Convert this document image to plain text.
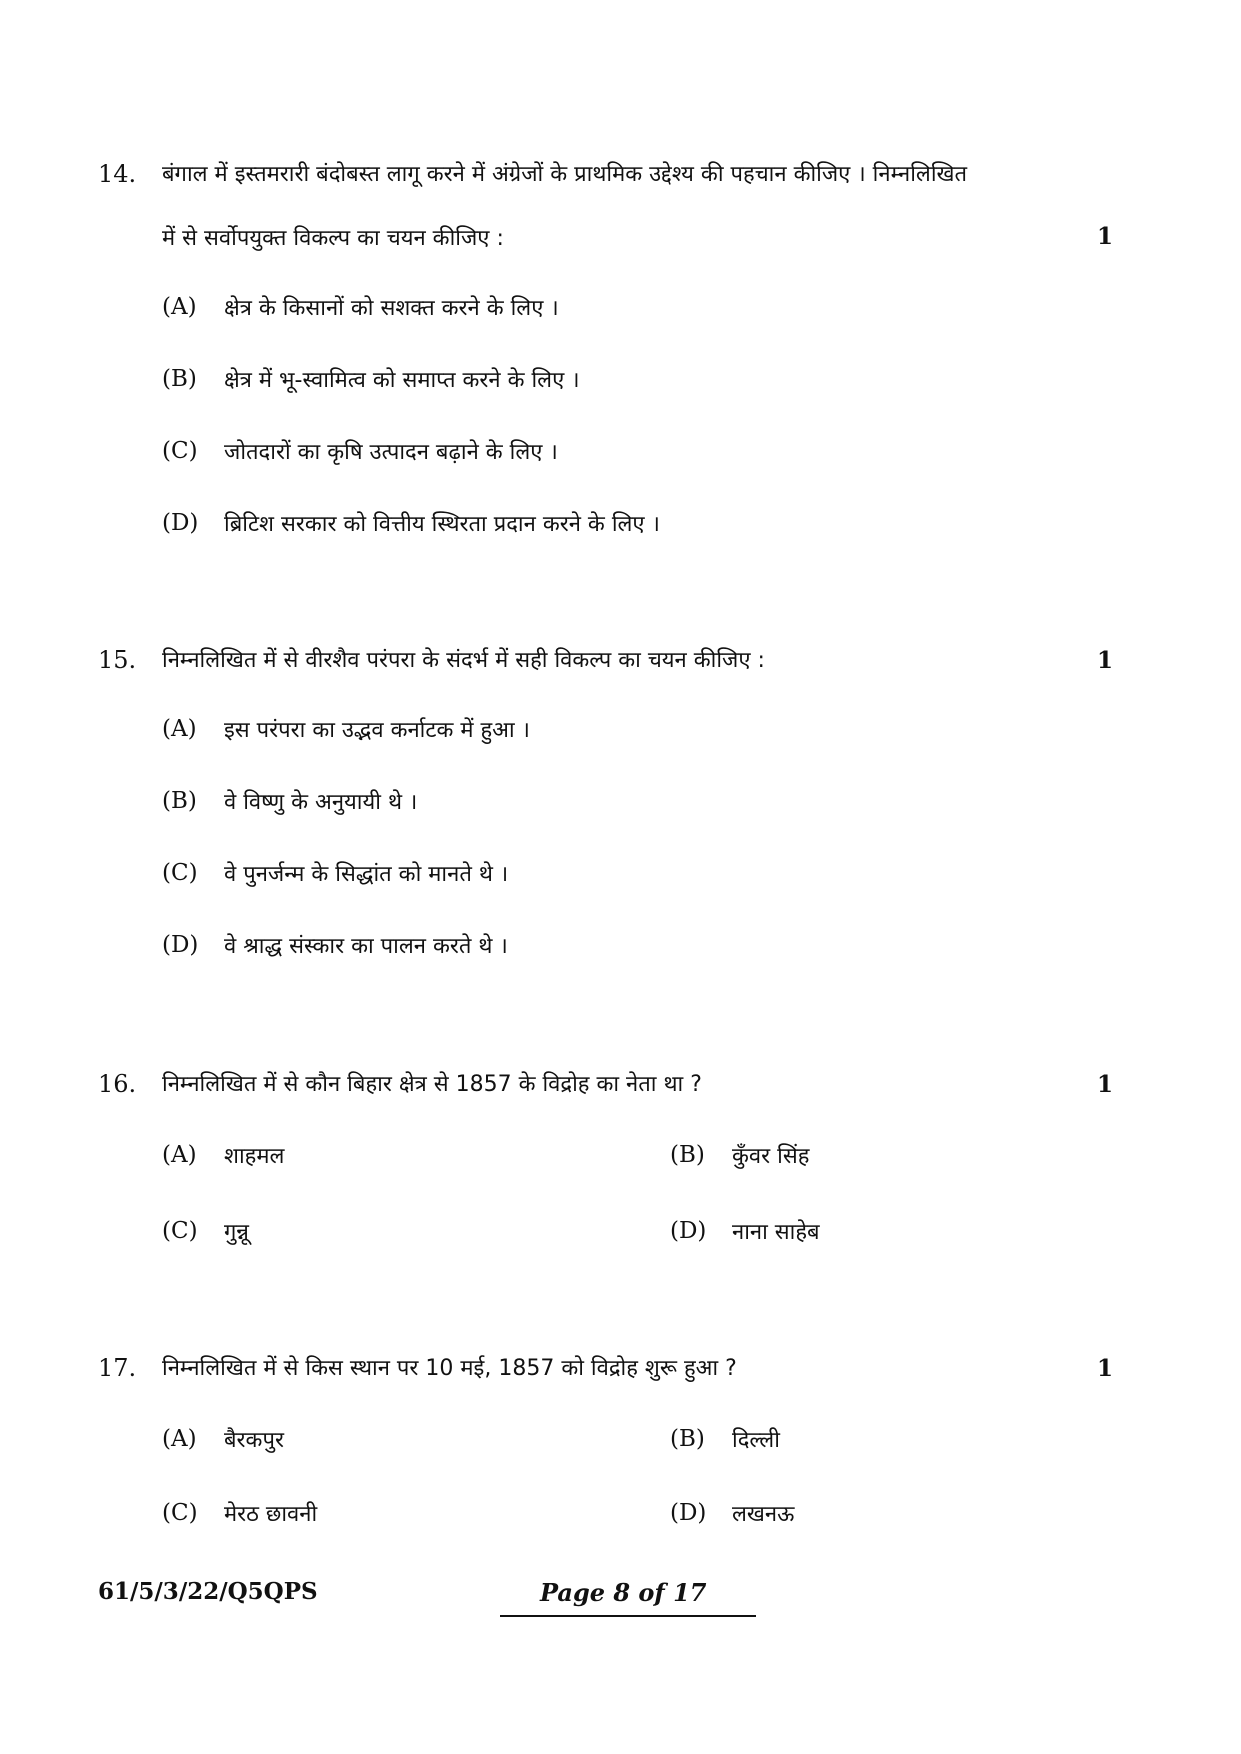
14. बंगाल में इस्तमरारी बंदोबस्त लागू करने में अंग्रेजों के प्राथमिक उद्देश्य की पहचान कीजिए । निम्नलिखित
में से सर्वोपयुक्त विकल्प का चयन कीजिए :	1
(A) क्षेत्र के किसानों को सशक्त करने के लिए ।
(B) क्षेत्र में भू-स्वामित्व को समाप्त करने के लिए ।
(C) जोतदारों का कृषि उत्पादन बढ़ाने के लिए ।
(D) ब्रिटिश सरकार को वित्तीय स्थिरता प्रदान करने के लिए ।
15. निम्नलिखित में से वीरशैव परंपरा के संदर्भ में सही विकल्प का चयन कीजिए :	1
(A) इस परंपरा का उद्भव कर्नाटक में हुआ ।
(B) वे विष्णु के अनुयायी थे ।
(C) वे पुनर्जन्म के सिद्धांत को मानते थे ।
(D) वे श्राद्ध संस्कार का पालन करते थे ।
16. निम्नलिखित में से कौन बिहार क्षेत्र से 1857 के विद्रोह का नेता था ?	1
(A) शाहमल	(B) कुँवर सिंह
(C) गुन्नू	(D) नाना साहेब
17. निम्नलिखित में से किस स्थान पर 10 मई, 1857 को विद्रोह शुरू हुआ ?	1
(A) बैरकपुर	(B) दिल्ली
(C) मेरठ छावनी	(D) लखनऊ
61/5/3/22/Q5QPS	Page 8 of 17
